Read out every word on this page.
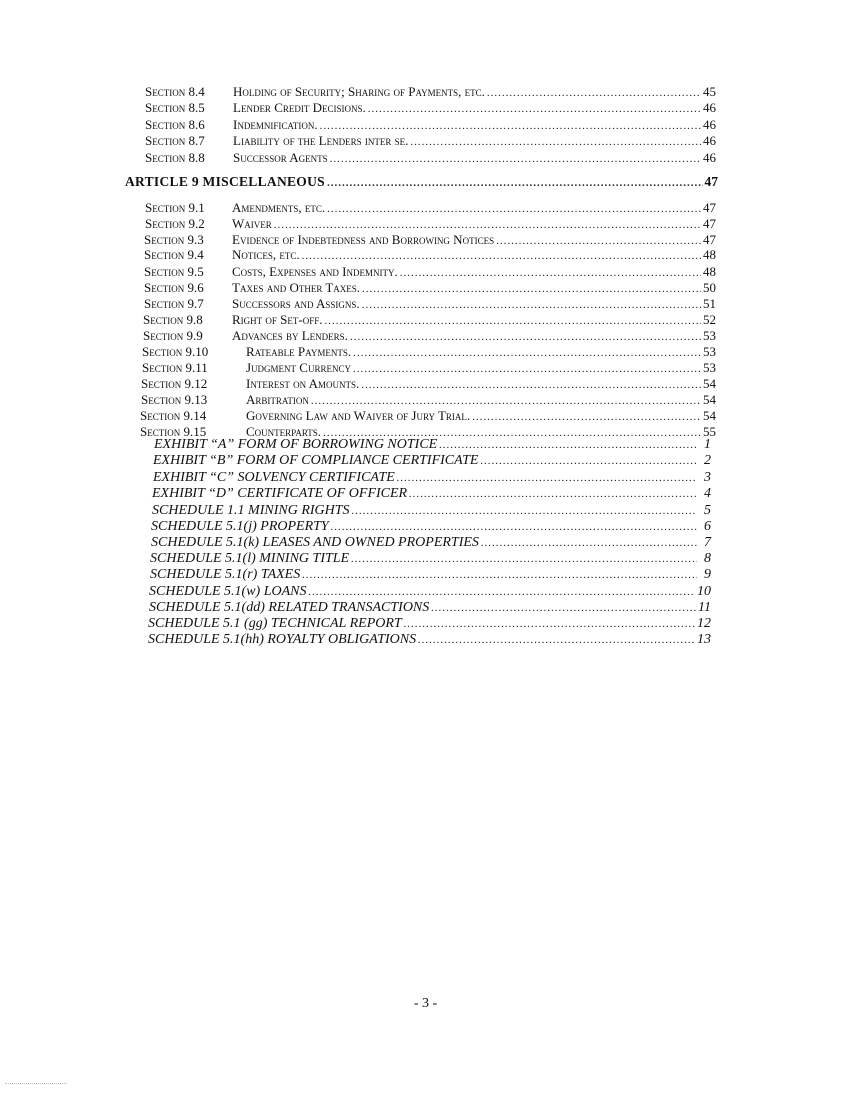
Section 8.4	Holding of Security; Sharing of Payments, etc. .....	45
Section 8.5	Lender Credit Decisions. .....	46
Section 8.6	Indemnification. .....	46
Section 8.7	Liability of the Lenders inter se. .....	46
Section 8.8	Successor Agents .....	46
ARTICLE 9 MISCELLANEOUS .....	47
Section 9.1	Amendments, etc. .....	47
Section 9.2	Waiver .....	47
Section 9.3	Evidence of Indebtedness and Borrowing Notices .....	47
Section 9.4	Notices, etc. .....	48
Section 9.5	Costs, Expenses and Indemnity. .....	48
Section 9.6	Taxes and Other Taxes. .....	50
Section 9.7	Successors and Assigns. .....	51
Section 9.8	Right of Set-off. .....	52
Section 9.9	Advances by Lenders. .....	53
Section 9.10	Rateable Payments. .....	53
Section 9.11	Judgment Currency .....	53
Section 9.12	Interest on Amounts. .....	54
Section 9.13	Arbitration .....	54
Section 9.14	Governing Law and Waiver of Jury Trial. .....	54
Section 9.15	Counterparts. .....	55
EXHIBIT “A” FORM OF BORROWING NOTICE .....	1
EXHIBIT “B” FORM OF COMPLIANCE CERTIFICATE .....	2
EXHIBIT “C” SOLVENCY CERTIFICATE .....	3
EXHIBIT “D” CERTIFICATE OF OFFICER .....	4
SCHEDULE 1.1 MINING RIGHTS .....	5
SCHEDULE 5.1(j) PROPERTY .....	6
SCHEDULE 5.1(k) LEASES AND OWNED PROPERTIES .....	7
SCHEDULE 5.1(l) MINING TITLE .....	8
SCHEDULE 5.1(r) TAXES .....	9
SCHEDULE 5.1(w) LOANS .....	10
SCHEDULE 5.1(dd) RELATED TRANSACTIONS .....	11
SCHEDULE 5.1 (gg) TECHNICAL REPORT .....	12
SCHEDULE 5.1(hh) ROYALTY OBLIGATIONS .....	13
- 3 -
